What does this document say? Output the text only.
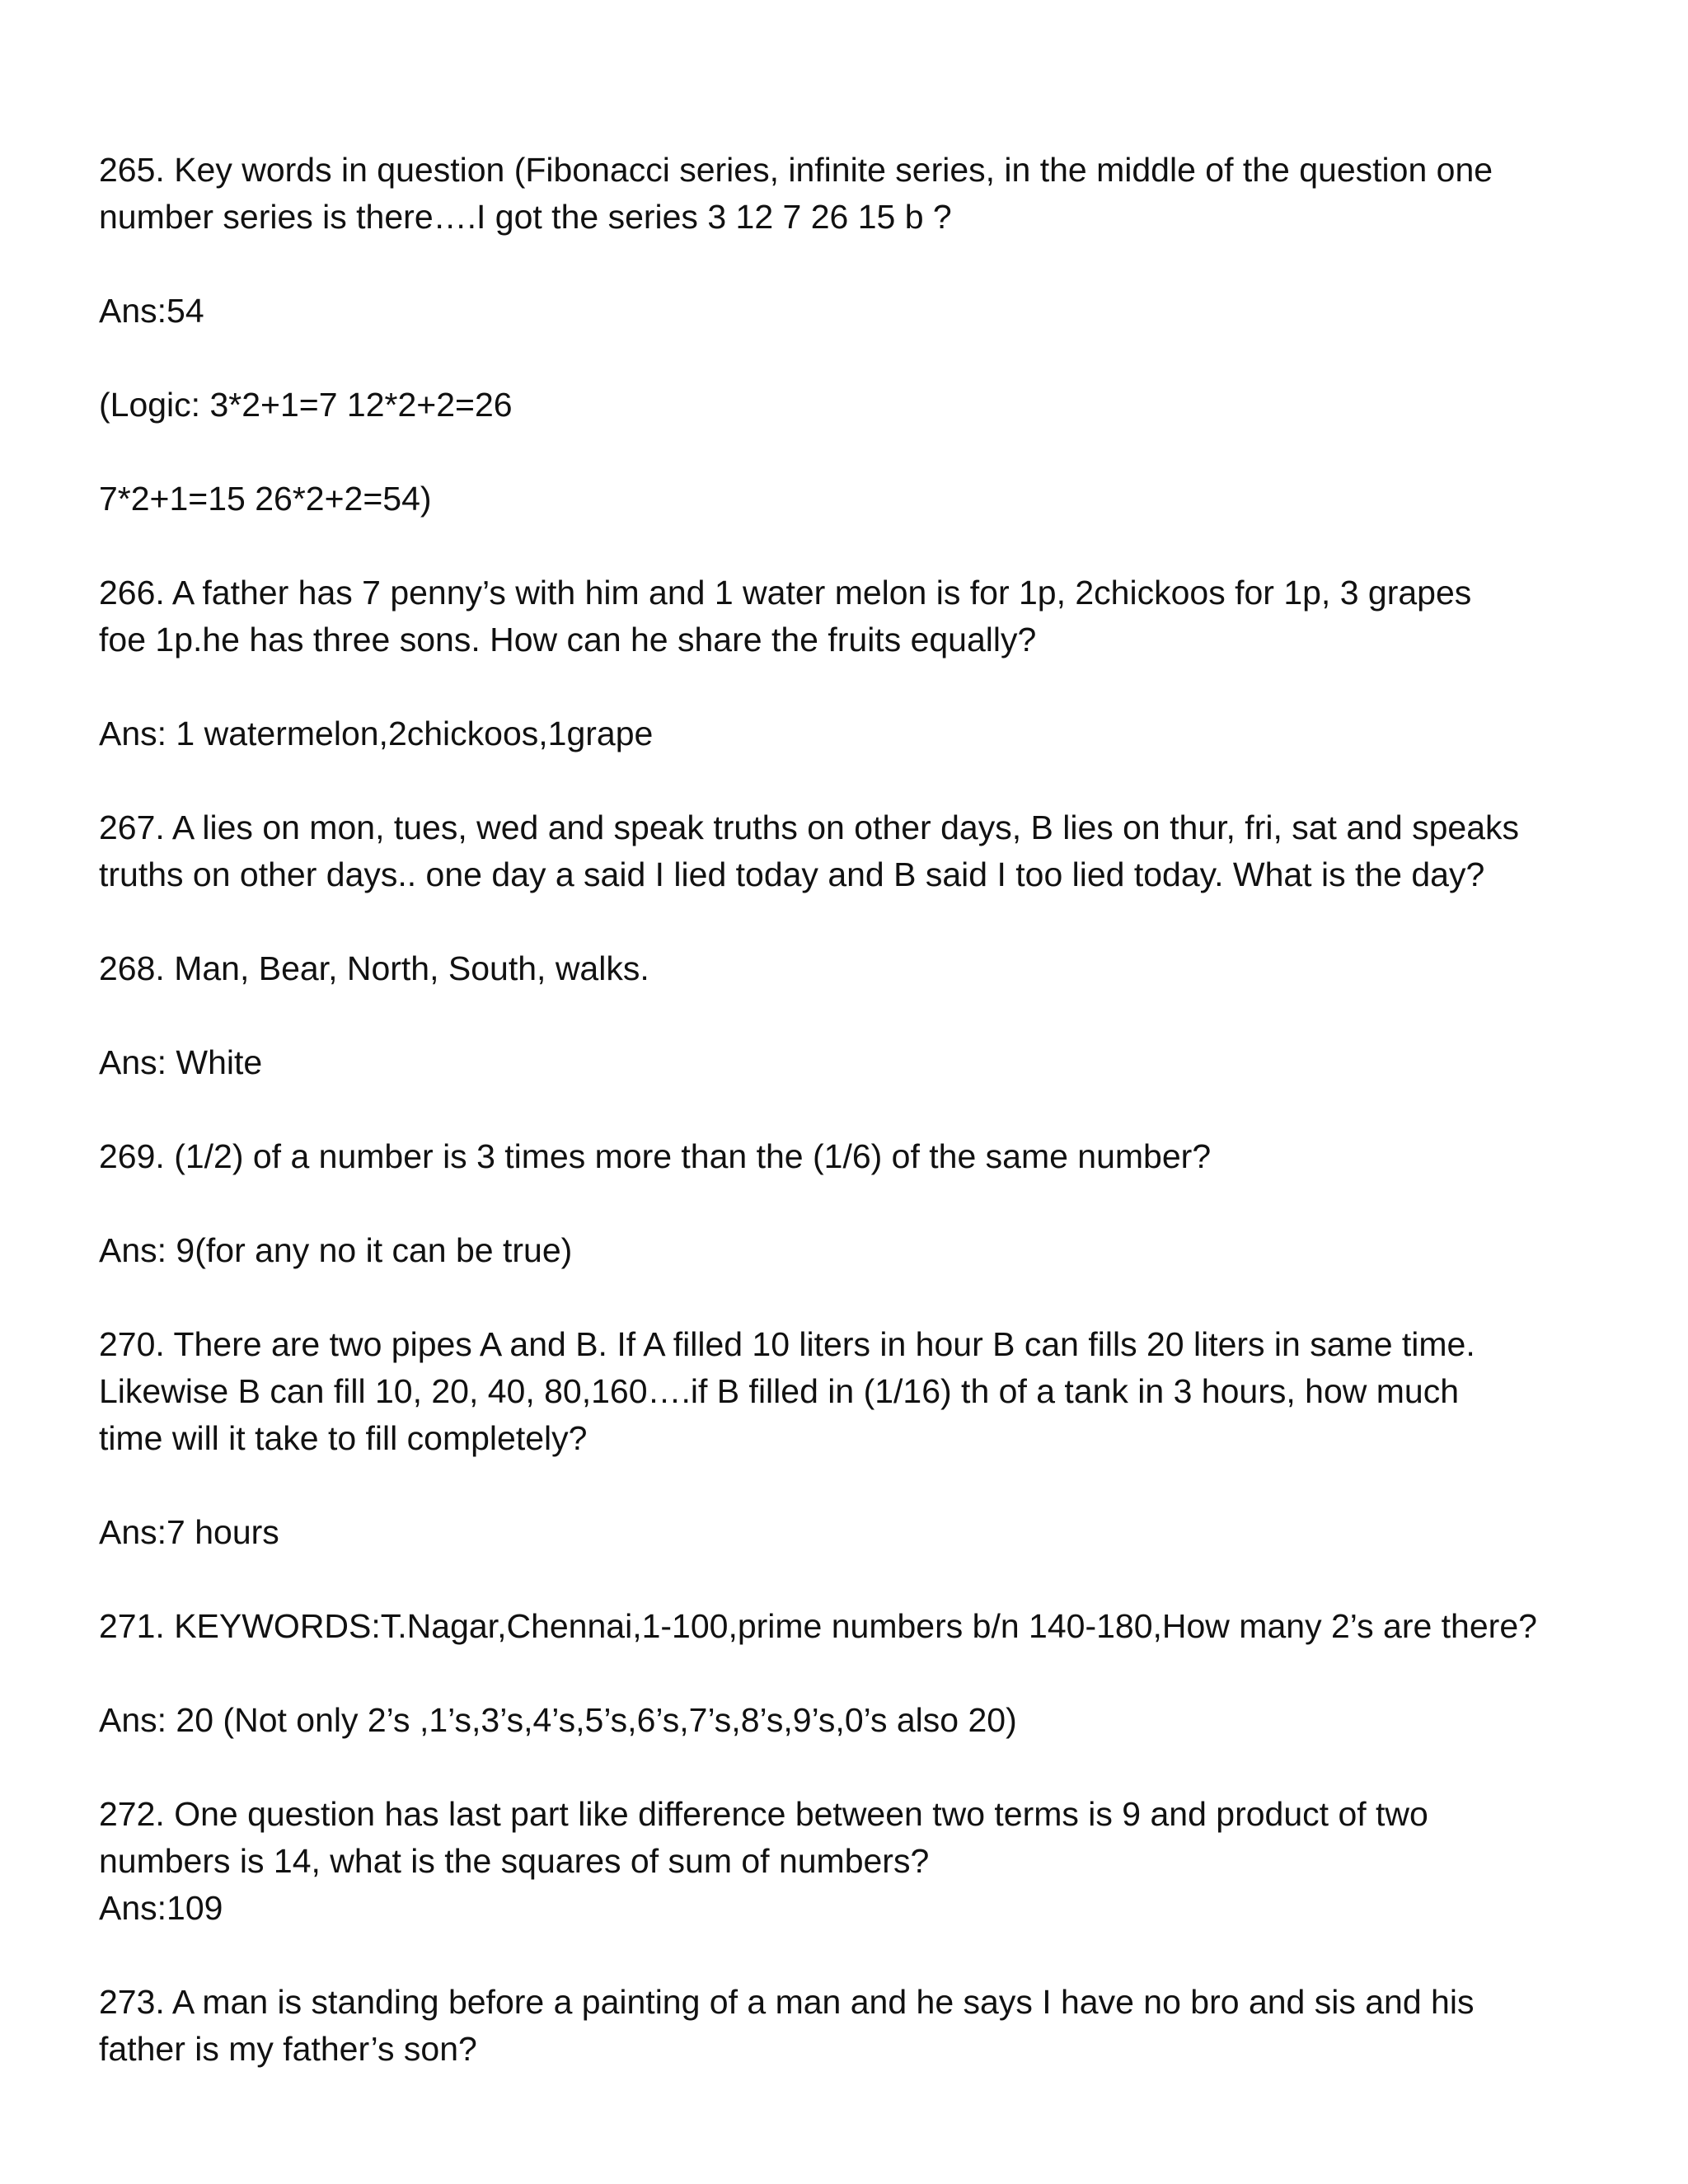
265. Key words in question (Fibonacci series, infinite series, in the middle of the question one
number series is there….I got the series 3 12 7 26 15 b ?
Ans:54
(Logic: 3*2+1=7 12*2+2=26
7*2+1=15 26*2+2=54)
266. A father has 7 penny’s with him and 1 water melon is for 1p, 2chickoos for 1p, 3 grapes
foe 1p.he has three sons. How can he share the fruits equally?
Ans: 1 watermelon,2chickoos,1grape
267. A lies on mon, tues, wed and speak truths on other days, B lies on thur, fri, sat and speaks
truths on other days.. one day a said I lied today and B said I too lied today. What is the day?
268. Man, Bear, North, South, walks.
Ans: White
269. (1/2) of a number is 3 times more than the (1/6) of the same number?
Ans: 9(for any no it can be true)
270. There are two pipes A and B. If A filled 10 liters in hour B can fills 20 liters in same time.
Likewise B can fill 10, 20, 40, 80,160….if B filled in (1/16) th of a tank in 3 hours, how much
time will it take to fill completely?
Ans:7 hours
271. KEYWORDS:T.Nagar,Chennai,1-100,prime numbers b/n 140-180,How many 2’s are there?
Ans: 20 (Not only 2’s ,1’s,3’s,4’s,5’s,6’s,7’s,8’s,9’s,0’s also 20)
272. One question has last part like difference between two terms is 9 and product of two
numbers is 14, what is the squares of sum of numbers?
Ans:109
273. A man is standing before a painting of a man and he says I have no bro and sis and his
father is my father’s son?
